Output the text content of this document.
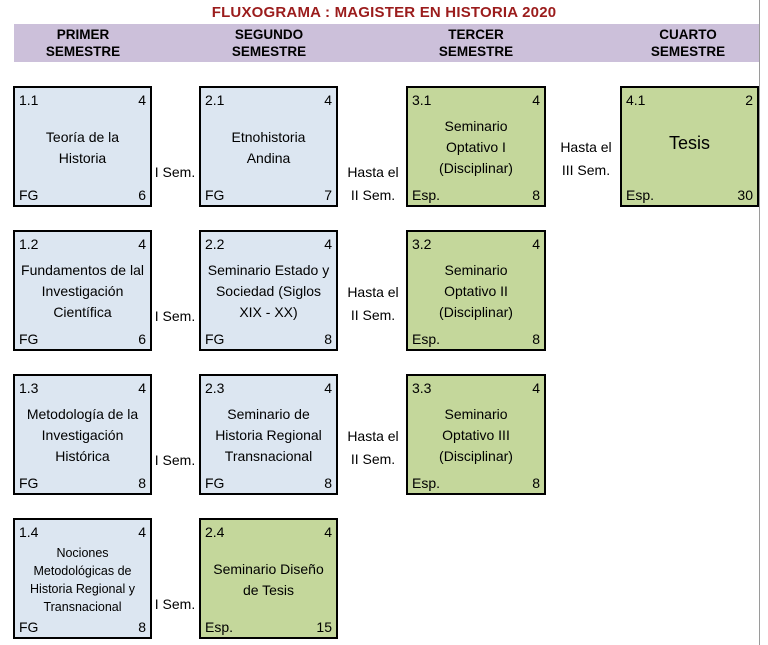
FLUXOGRAMA : MAGISTER EN HISTORIA 2020
PRIMER
SEMESTRE
SEGUNDO
SEMESTRE
TERCER
SEMESTRE
CUARTO
SEMESTRE
1.1	4
Teoría de la Historia
FG	6
1.2	4
Fundamentos de lal Investigación Científica
FG	6
1.3	4
Metodología de la Investigación Histórica
FG	8
1.4	4
Nociones Metodológicas de Historia Regional y Transnacional
FG	8
I Sem.
I Sem.
I Sem.
I Sem.
2.1	4
Etnohistoria Andina
FG	7
2.2	4
Seminario Estado y Sociedad (Siglos XIX - XX)
FG	8
2.3	4
Seminario de Historia Regional Transnacional
FG	8
2.4	4
Seminario Diseño de Tesis
Esp.	15
Hasta el
II Sem.
Hasta el
II Sem.
Hasta el
II Sem.
3.1	4
Seminario Optativo I (Disciplinar)
Esp.	8
3.2	4
Seminario Optativo II (Disciplinar)
Esp.	8
3.3	4
Seminario Optativo III (Disciplinar)
Esp.	8
Hasta el
III Sem.
4.1	2
Tesis
Esp.	30
